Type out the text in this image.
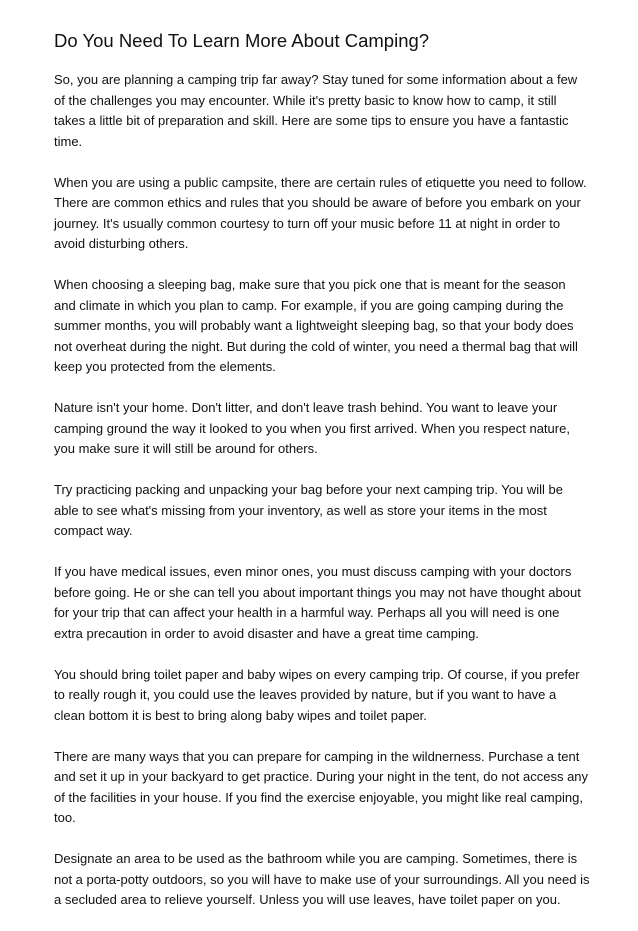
Do You Need To Learn More About Camping?

So, you are planning a camping trip far away? Stay tuned for some information about a few
of the challenges you may encounter. While it's pretty basic to know how to camp, it still
takes a little bit of preparation and skill. Here are some tips to ensure you have a fantastic
time.

When you are using a public campsite, there are certain rules of etiquette you need to follow.
There are common ethics and rules that you should be aware of before you embark on your
journey. It's usually common courtesy to turn off your music before 11 at night in order to
avoid disturbing others.

When choosing a sleeping bag, make sure that you pick one that is meant for the season
and climate in which you plan to camp. For example, if you are going camping during the
summer months, you will probably want a lightweight sleeping bag, so that your body does
not overheat during the night. But during the cold of winter, you need a thermal bag that will
keep you protected from the elements.

Nature isn't your home. Don't litter, and don't leave trash behind. You want to leave your
camping ground the way it looked to you when you first arrived. When you respect nature,
you make sure it will still be around for others.

Try practicing packing and unpacking your bag before your next camping trip. You will be
able to see what's missing from your inventory, as well as store your items in the most
compact way.

If you have medical issues, even minor ones, you must discuss camping with your doctors
before going. He or she can tell you about important things you may not have thought about
for your trip that can affect your health in a harmful way. Perhaps all you will need is one
extra precaution in order to avoid disaster and have a great time camping.

You should bring toilet paper and baby wipes on every camping trip. Of course, if you prefer
to really rough it, you could use the leaves provided by nature, but if you want to have a
clean bottom it is best to bring along baby wipes and toilet paper.

There are many ways that you can prepare for camping in the wildnerness. Purchase a tent
and set it up in your backyard to get practice. During your night in the tent, do not access any
of the facilities in your house. If you find the exercise enjoyable, you might like real camping,
too.

Designate an area to be used as the bathroom while you are camping. Sometimes, there is
not a porta-potty outdoors, so you will have to make use of your surroundings. All you need is
a secluded area to relieve yourself. Unless you will use leaves, have toilet paper on you.
